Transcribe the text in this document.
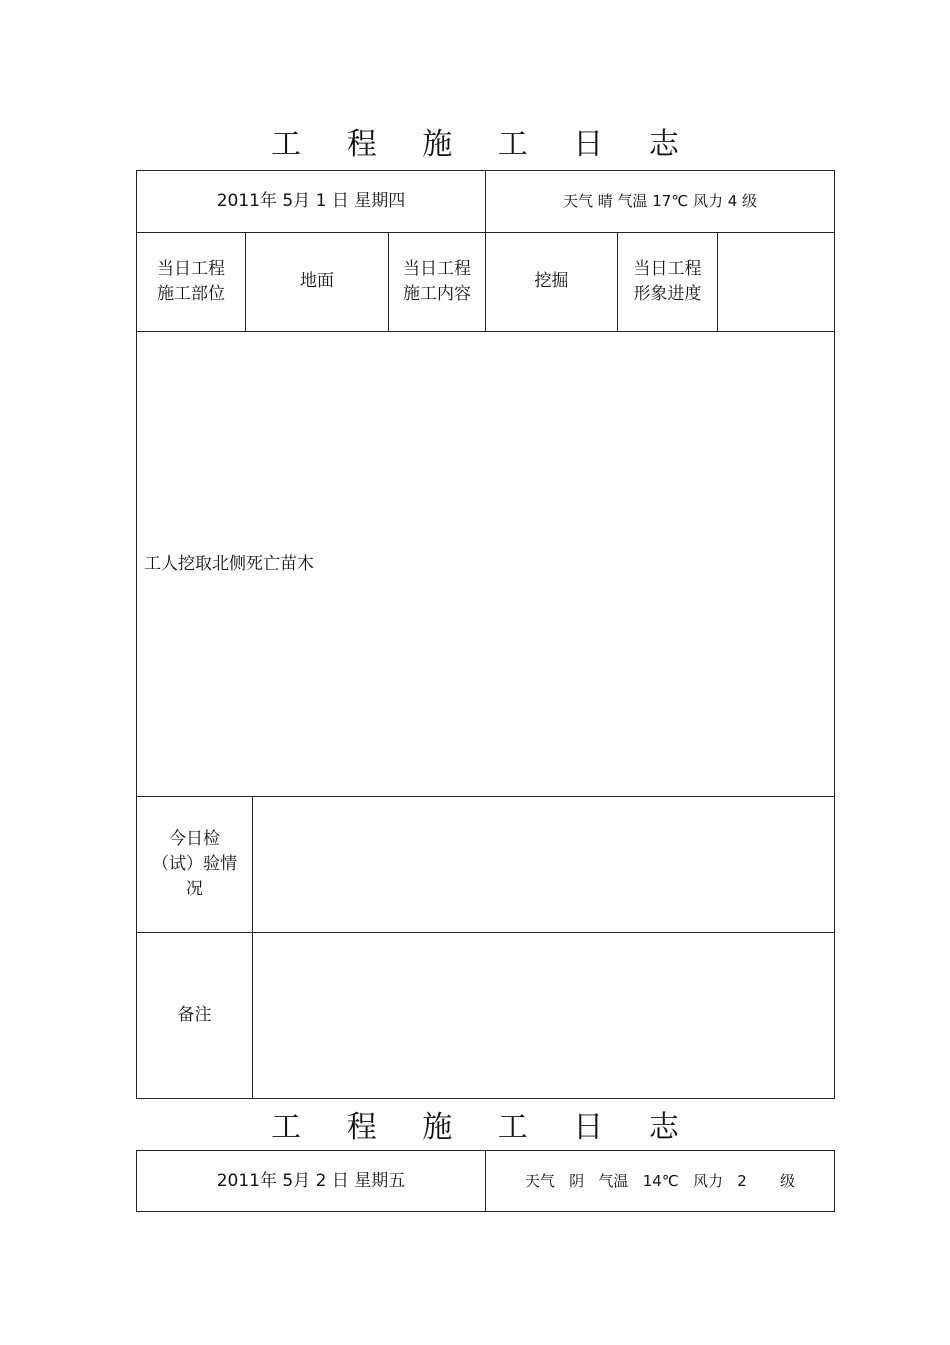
工 程 施 工 日 志
2011年 5月 1 日 星期四	天气 晴 气温 17℃ 风力 4 级
当日工程
施工部位
地面
当日工程
施工内容
挖掘
当日工程
形象进度
工人挖取北侧死亡苗木
今日检
（试）验情
况
备注
工 程 施 工 日 志
2011年 5月 2 日 星期五	天气   阴   气温   14℃   风力   2       级
